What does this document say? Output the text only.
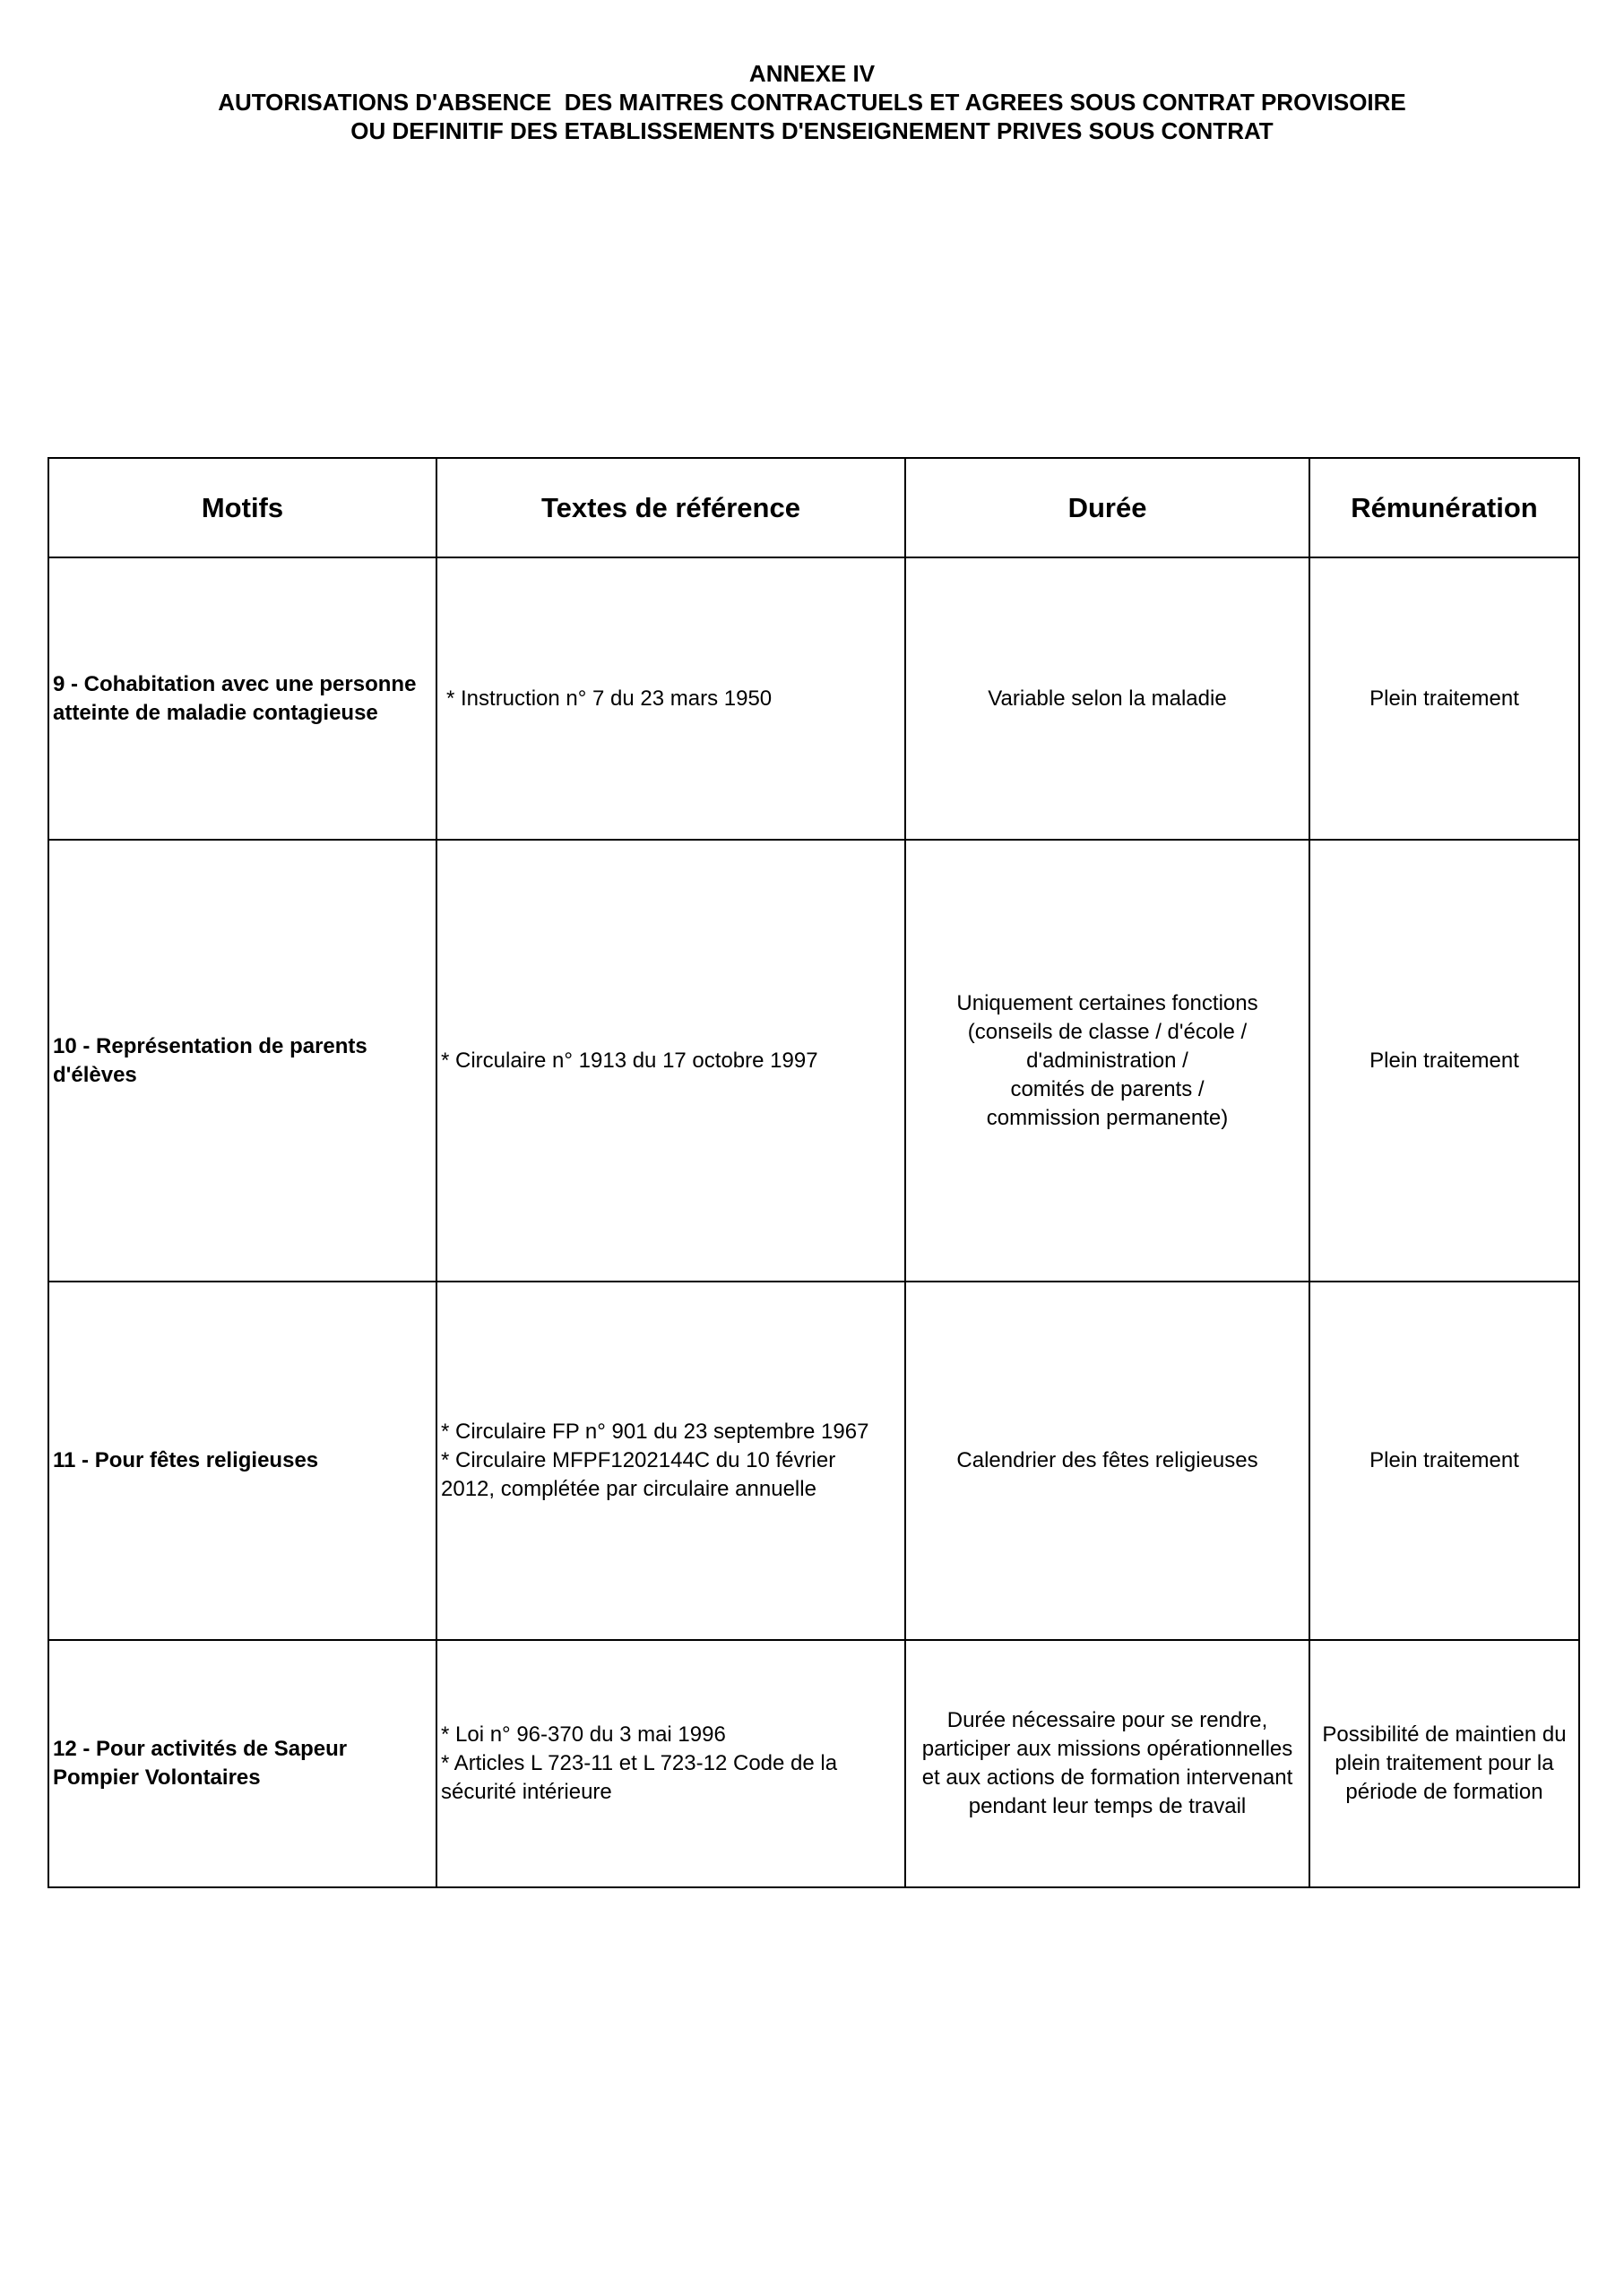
ANNEXE IV
AUTORISATIONS D'ABSENCE  DES MAITRES CONTRACTUELS ET AGREES SOUS CONTRAT PROVISOIRE
OU DEFINITIF DES ETABLISSEMENTS D'ENSEIGNEMENT PRIVES SOUS CONTRAT
Motifs	Textes de référence	Durée	Rémunération

9 - Cohabitation avec une personne
atteinte de maladie contagieuse	* Instruction n° 7 du 23 mars 1950	Variable selon la maladie	Plein traitement

10 - Représentation de parents
d'élèves	* Circulaire n° 1913 du 17 octobre 1997	Uniquement certaines fonctions
(conseils de classe / d'école /
d'administration /
comités de parents /
commission permanente)	Plein traitement

11 - Pour fêtes religieuses	* Circulaire FP n° 901 du 23 septembre 1967
* Circulaire MFPF1202144C du 10 février
2012, complétée par circulaire annuelle	Calendrier des fêtes religieuses	Plein traitement

12 - Pour activités de Sapeur
Pompier Volontaires	* Loi n° 96-370 du 3 mai 1996
* Articles L 723-11 et L 723-12 Code de la
sécurité intérieure	Durée nécessaire pour se rendre,
participer aux missions opérationnelles
et aux actions de formation intervenant
pendant leur temps de travail	Possibilité de maintien du
plein traitement pour la
période de formation
